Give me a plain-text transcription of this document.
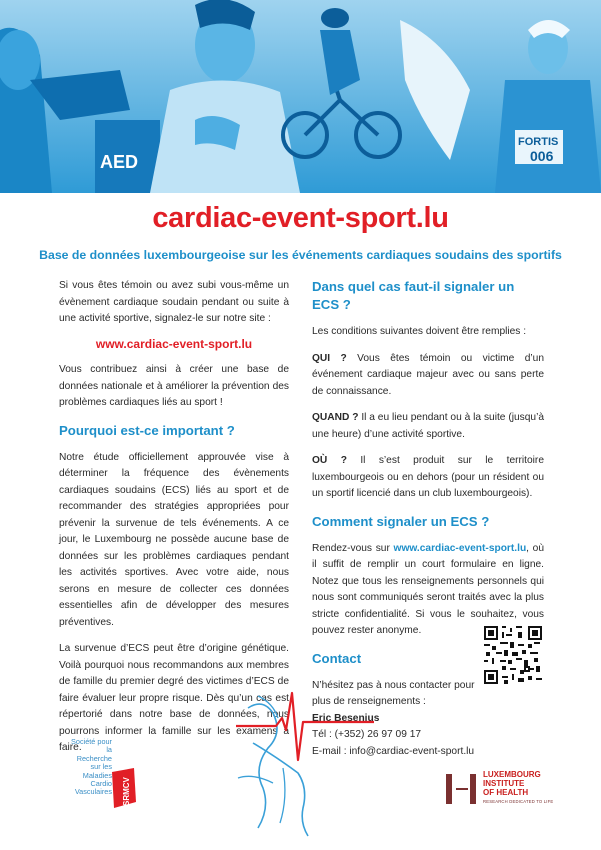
AED
FORTIS
006
cardiac-event-sport.lu
Base de données luxembourgeoise sur les événements cardiaques soudains des sportifs

Si vous êtes témoin ou avez subi vous-même un évènement cardiaque soudain pendant ou suite à une activité sportive, signalez-le sur notre site :

www.cardiac-event-sport.lu

Vous contribuez ainsi à créer une base de données nationale et à améliorer la prévention des problèmes cardiaques liés au sport !

Pourquoi est-ce important ?

Notre étude officiellement approuvée vise à déterminer la fréquence des évènements cardiaques soudains (ECS) liés au sport et de recommander des stratégies appropriées pour prévenir la survenue de tels événements. A ce jour, le Luxembourg ne possède aucune base de données sur les problèmes cardiaques pendant les activités sportives. Avec votre aide, nous serons en mesure de collecter ces données essentielles afin de développer des mesures préventives.

La survenue d’ECS peut être d’origine génétique. Voilà pourquoi nous recommandons aux membres de famille du premier degré des victimes d’ECS de faire évaluer leur propre risque. Dès qu’un cas est répertorié dans notre base de données, nous pourrons informer la famille sur les examens à faire.

Dans quel cas faut-il signaler un ECS ?

Les conditions suivantes doivent être remplies :

QUI ? Vous êtes témoin ou victime d’un événement cardiaque majeur avec ou sans perte de connaissance.

QUAND ? Il a eu lieu pendant ou à la suite (jusqu’à une heure) d’une activité sportive.

OÙ ? Il s’est produit sur le territoire luxembourgeois ou en dehors (pour un résident ou un sportif licencié dans un club luxembourgeois).

Comment signaler un ECS ?

Rendez-vous sur www.cardiac-event-sport.lu, où il suffit de remplir un court formulaire en ligne. Notez que tous les renseignements personnels qui nous sont communiqués seront traités avec la plus stricte confidentialité. Si vous le souhaitez, vous pouvez rester anonyme.

Contact
N’hésitez pas à nous contacter pour
plus de renseignements :
Eric Besenius
Tél : (+352) 26 97 09 17
E-mail : info@cardiac-event-sport.lu
Société pour la
Recherche sur les
Maladies
Cardio
Vasculaires SRMCV
LUXEMBOURG
INSTITUTE
OF HEALTH
RESEARCH DEDICATED TO LIFE
